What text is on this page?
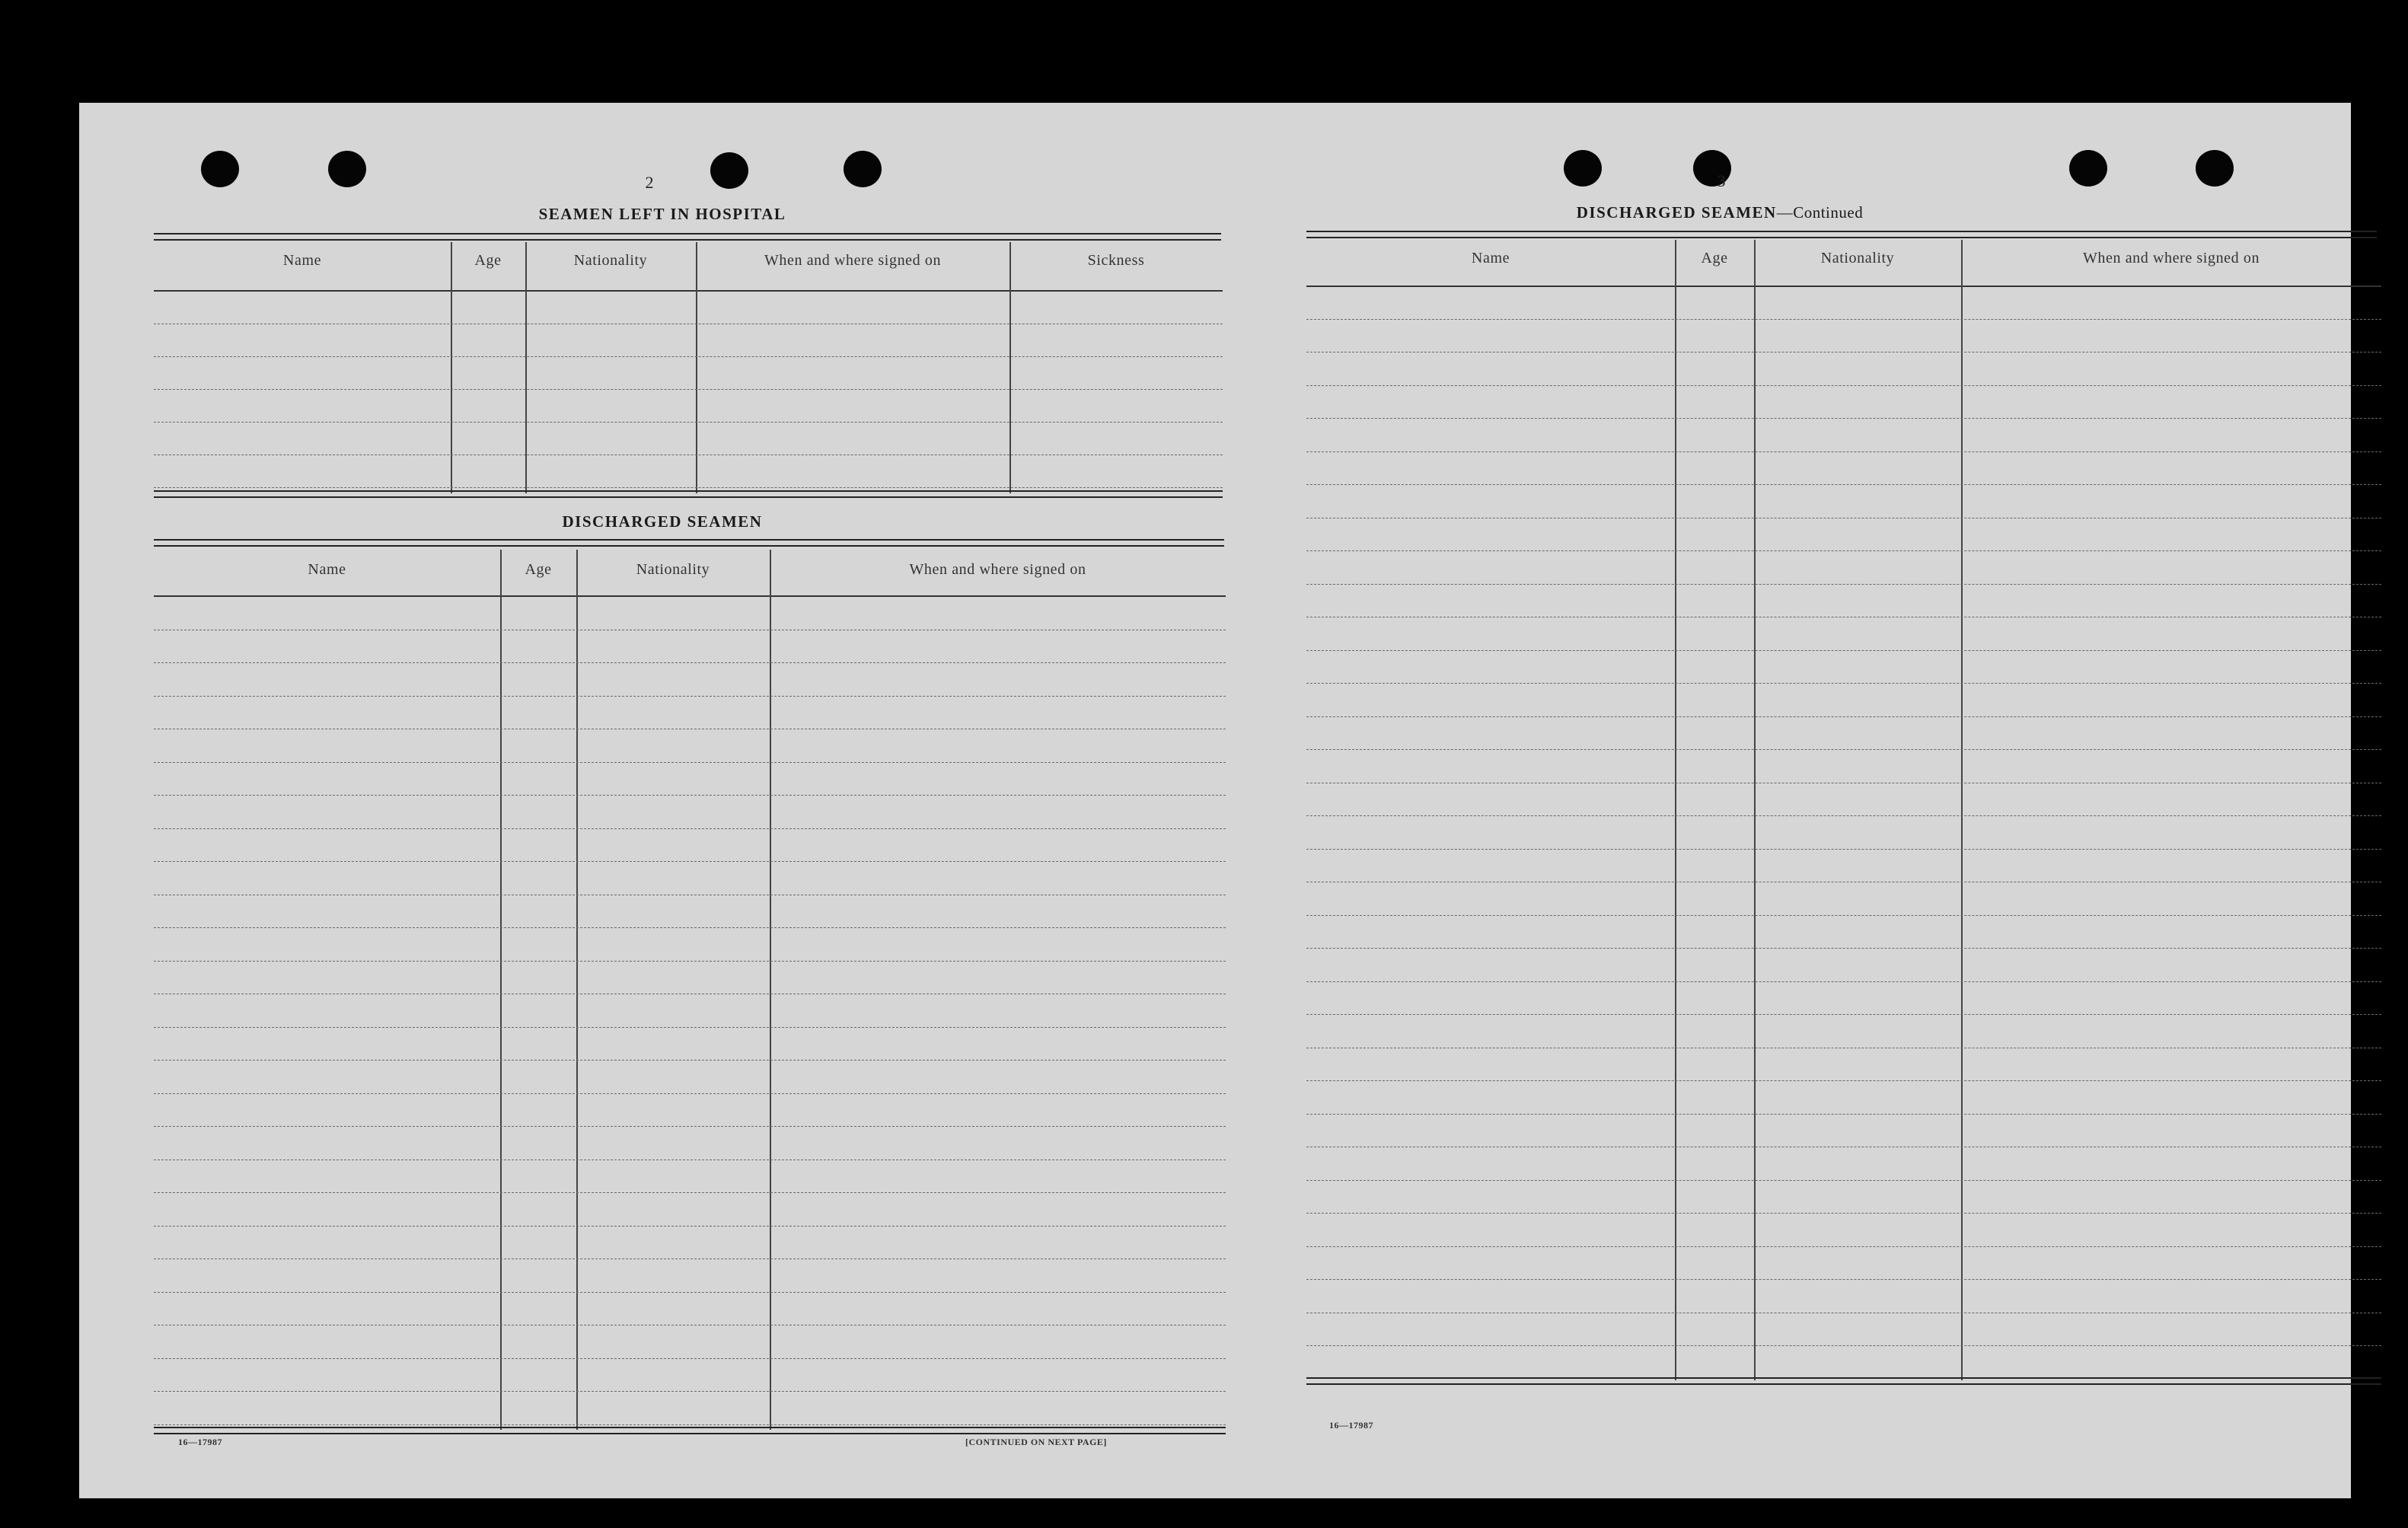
2
SEAMEN LEFT IN HOSPITAL
Name	Age	Nationality	When and where signed on	Sickness
DISCHARGED SEAMEN
Name	Age	Nationality	When and where signed on
16—17987	[CONTINUED ON NEXT PAGE]
3
DISCHARGED SEAMEN—Continued
Name	Age	Nationality	When and where signed on
16—17987
